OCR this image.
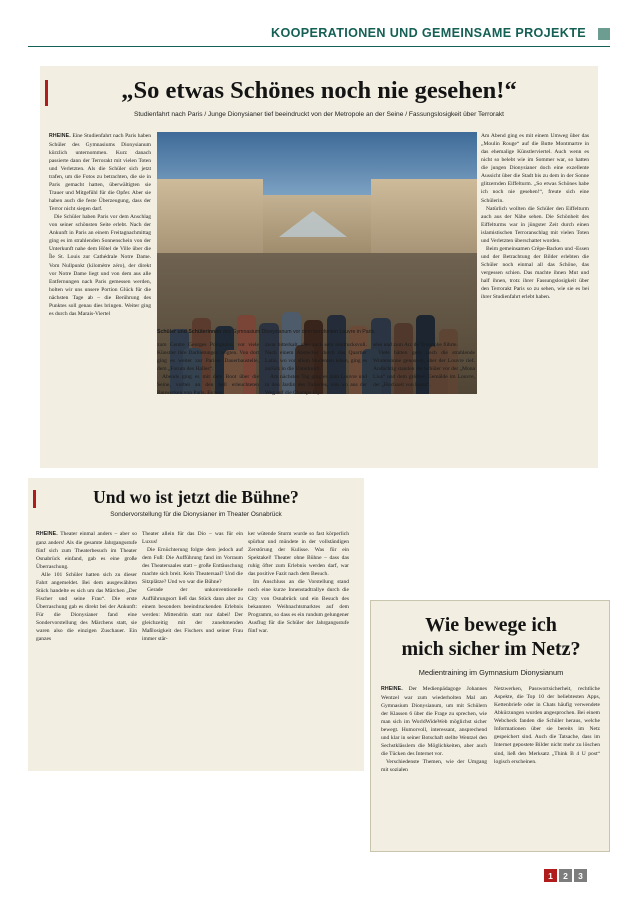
KOOPERATIONEN UND GEMEINSAME PROJEKTE
„So etwas Schönes noch nie gesehen!“
Studienfahrt nach Paris / Junge Dionysianer tief beeindruckt von der Metropole an der Seine / Fassungslosigkeit über Terrorakt
Schüler und Schülerinnen des Gymnasium Dionysianum vor dem berühmten Louvre in Paris.

RHEINE. Eine Studienfahrt nach Paris haben Schüler des Gymnasiums Dionysianum kürzlich unternommen. Kurz danach passierte dann der Terrorakt mit vielen Toten und Verletzten. Als die Schüler sich jetzt trafen, um die Fotos zu betrachten, die sie in Paris gemacht hatten, überwältigten sie Trauer und Mitgefühl für die Opfer. Aber sie haben auch die feste Überzeugung, dass der Terror nicht siegen darf.

Die Schüler haben Paris vor dem Anschlag von seiner schönsten Seite erlebt. Nach der Ankunft in Paris an einem Freitagnachmittag ging es im strahlenden Sonnenschein von der Unterkunft nahe dem Hôtel de Ville über die Île St. Louis zur Cathédrale Notre Dame. Vom Nullpunkt (kilomètre zéro), der direkt vor Notre Dame liegt und von dem aus alle Entfernungen nach Paris gemessen werden, holten wir uns unsere Portion Glück für die nächsten Tage ab – die Berührung des Punktes soll genau dies bringen. Weiter ging es durch das Marais-Viertel

zum Centre Georges Pompidou, vor viele Künstler ihre Darbietungen zeigten. Von dort ging es weiter zur Pariser Dauerbaustelle, dem „Forum des Halles“.

Abends ging es mit dem Boot über die Seine, vorbei an den hell erleuchteten Bauwerken von Paris. Es war

zwar bitterkalt, aber auch sehr eindrucksvoll. Nach einem Abstecher durch das Quartier Latin, wo vor allem Studenten leben, ging es zurück in die Unterkunft.

Am nächsten Tag ging es zum Louvre und in den Jardin des Tuileries, von wo aus der Weg auf die Champs Ely-

sées und zum Arc de Triomphe führte.

Viele hätten gern noch die strahlende Wintersonne genossen, aber der Louvre rief. Andächtig standen die Schüler vor der „Mona Lisa“ und dem größten Gemälde im Louvre, der „Hochzeit von Kana“.

Am Abend ging es mit einem Umweg über das „Moulin Rouge“ auf die Butte Montmartre in das ehemalige Künstlerviertel. Auch wenn es nicht so belebt wie im Sommer war, so hatten die jungen Dionysianer doch eine exzellente Aussicht über die Stadt bis zu dem in der Sonne glitzernden Eiffelturm. „So etwas Schönes habe ich noch nie gesehen!“, freute sich eine Schülerin.

Natürlich wollten die Schüler den Eiffelturm auch aus der Nähe sehen. Die Schönheit des Eiffelturms war in jüngster Zeit durch einen islamistischen Terroranschlag mit vielen Toten und Verletzten überschattet worden.

Beim gemeinsamen Crêpe-Backen und -Essen und der Betrachtung der Bilder erlebten die Schüler noch einmal all das Schöne, das vergessen schien. Das machte ihnen Mut und half ihnen, trotz ihrer Fassungslosigkeit über den Terrorakt Paris so zu sehen, wie sie es bei ihrer Studienfahrt erlebt haben.

Und wo ist jetzt die Bühne?
Sondervorstellung für die Dionysianer im Theater Osnabrück

RHEINE. Theater einmal anders – aber so ganz anders! Als die gesamte Jahrgangsstufe fünf sich zum Theaterbesuch im Theater Osnabrück einfand, gab es eine große Überraschung.

Alle 101 Schüler hatten sich zu dieser Fahrt angemeldet. Bei dem ausgewählten Stück handelte es sich um das Märchen „Der Fischer und seine Frau“. Die erste Überraschung gab es direkt bei der Ankunft: Für die Dionysianer fand eine Sondervorstellung des Märchens statt, sie waren also die einzigen Zuschauer. Ein ganzes

Theater allein für das Dio – was für ein Luxus!

Die Ernüchterung folgte dem jedoch auf dem Fuß: Die Aufführung fand im Vorraum des Theatersaales statt – große Enttäuschung machte sich breit. Kein Theatersaal? Und die Sitzplätze? Und wo war die Bühne?

Gerade der unkonventionelle Aufführungsort ließ das Stück dann aber zu einem besonders beeindruckenden Erlebnis werden: Mittendrin statt nur dabei! Der gleichzeitig mit der zunehmenden Maßlosigkeit des Fischers und seiner Frau immer stär-

ker wütende Sturm wurde so fast körperlich spürbar und mündete in der vollständigen Zerstörung der Kulisse. Was für ein Spektakel! Theater ohne Bühne – dass das ruhig öfter zum Erlebnis werden darf, war das positive Fazit nach dem Besuch.

Im Anschluss an die Vorstellung stand noch eine kurze Innenstadtrallye durch die City von Osnabrück und ein Besuch des bekannten Weihnachtsmarktes auf dem Programm, so dass es ein rundum gelungener Ausflug für die Schüler der Jahrgangsstufe fünf war.	Wie bewege ich
mich sicher im Netz?
Medientraining im Gymnasium Dionysianum

RHEINE. Der Medienpädagoge Johannes Wentzel war zum wiederholten Mal am Gymnasium Dionysianum, um mit Schülern der Klassen 6 über die Frage zu sprechen, wie man sich im WorldWideWeb möglichst sicher bewegt. Humorvoll, interessant, ansprechend und klar in seiner Botschaft stellte Wentzel den Sechstklässlern die Möglichkeiten, aber auch die Tücken des Internet vor.

Verschiedenste Themen, wie der Umgang mit sozialen

Netzwerken, Passwortsicherheit, rechtliche Aspekte, die Top 10 der beliebtesten Apps, Kettenbriefe oder in Chats häufig verwendete Abkürzungen wurden angesprochen. Bei einem Webcheck fanden die Schüler heraus, welche Informationen über sie bereits im Netz gespeichert sind. Auch die Tatsache, dass im Internet gepostete Bilder nicht mehr zu löschen sind, ließ den Merksatz „Think B 4 U post“ logisch erscheinen.

1	2	3
